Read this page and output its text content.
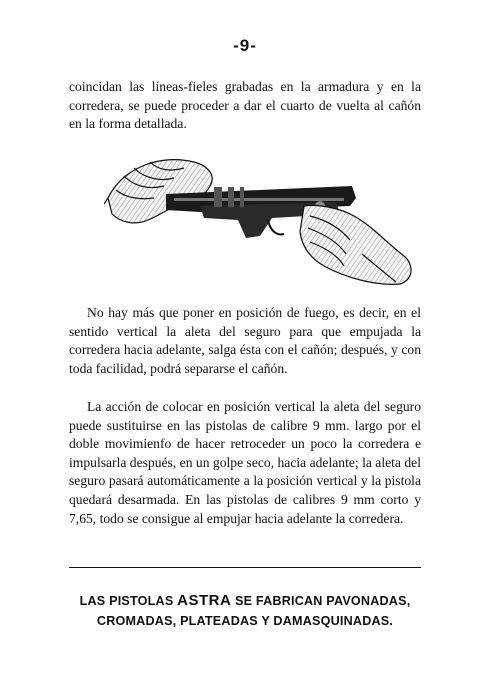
-9-

coincidan las líneas-fieles grabadas en la armadura y en la corredera, se puede proceder a dar el cuarto de vuelta al cañón en la forma detallada.

No hay más que poner en posición de fuego, es decir, en el sentido vertical la aleta del seguro para que empujada la corredera hacia adelante, salga ésta con el cañón; después, y con toda facilidad, podrá separarse el cañón.

La acción de colocar en posición vertical la aleta del seguro puede sustituirse en las pistolas de calibre 9 mm. largo por el doble movimienfo de hacer retroceder un poco la corredera e impulsarla después, en un golpe seco, hacia adelante; la aleta del seguro pasará automáticamente a la posición vertical y la pistola quedará desarmada. En las pistolas de calibres 9 mm corto y 7,65, todo se consigue al empujar hacia adelante la corredera.

LAS PISTOLAS ASTRA SE FABRICAN PAVONADAS, CROMADAS, PLATEADAS Y DAMASQUINADAS.
